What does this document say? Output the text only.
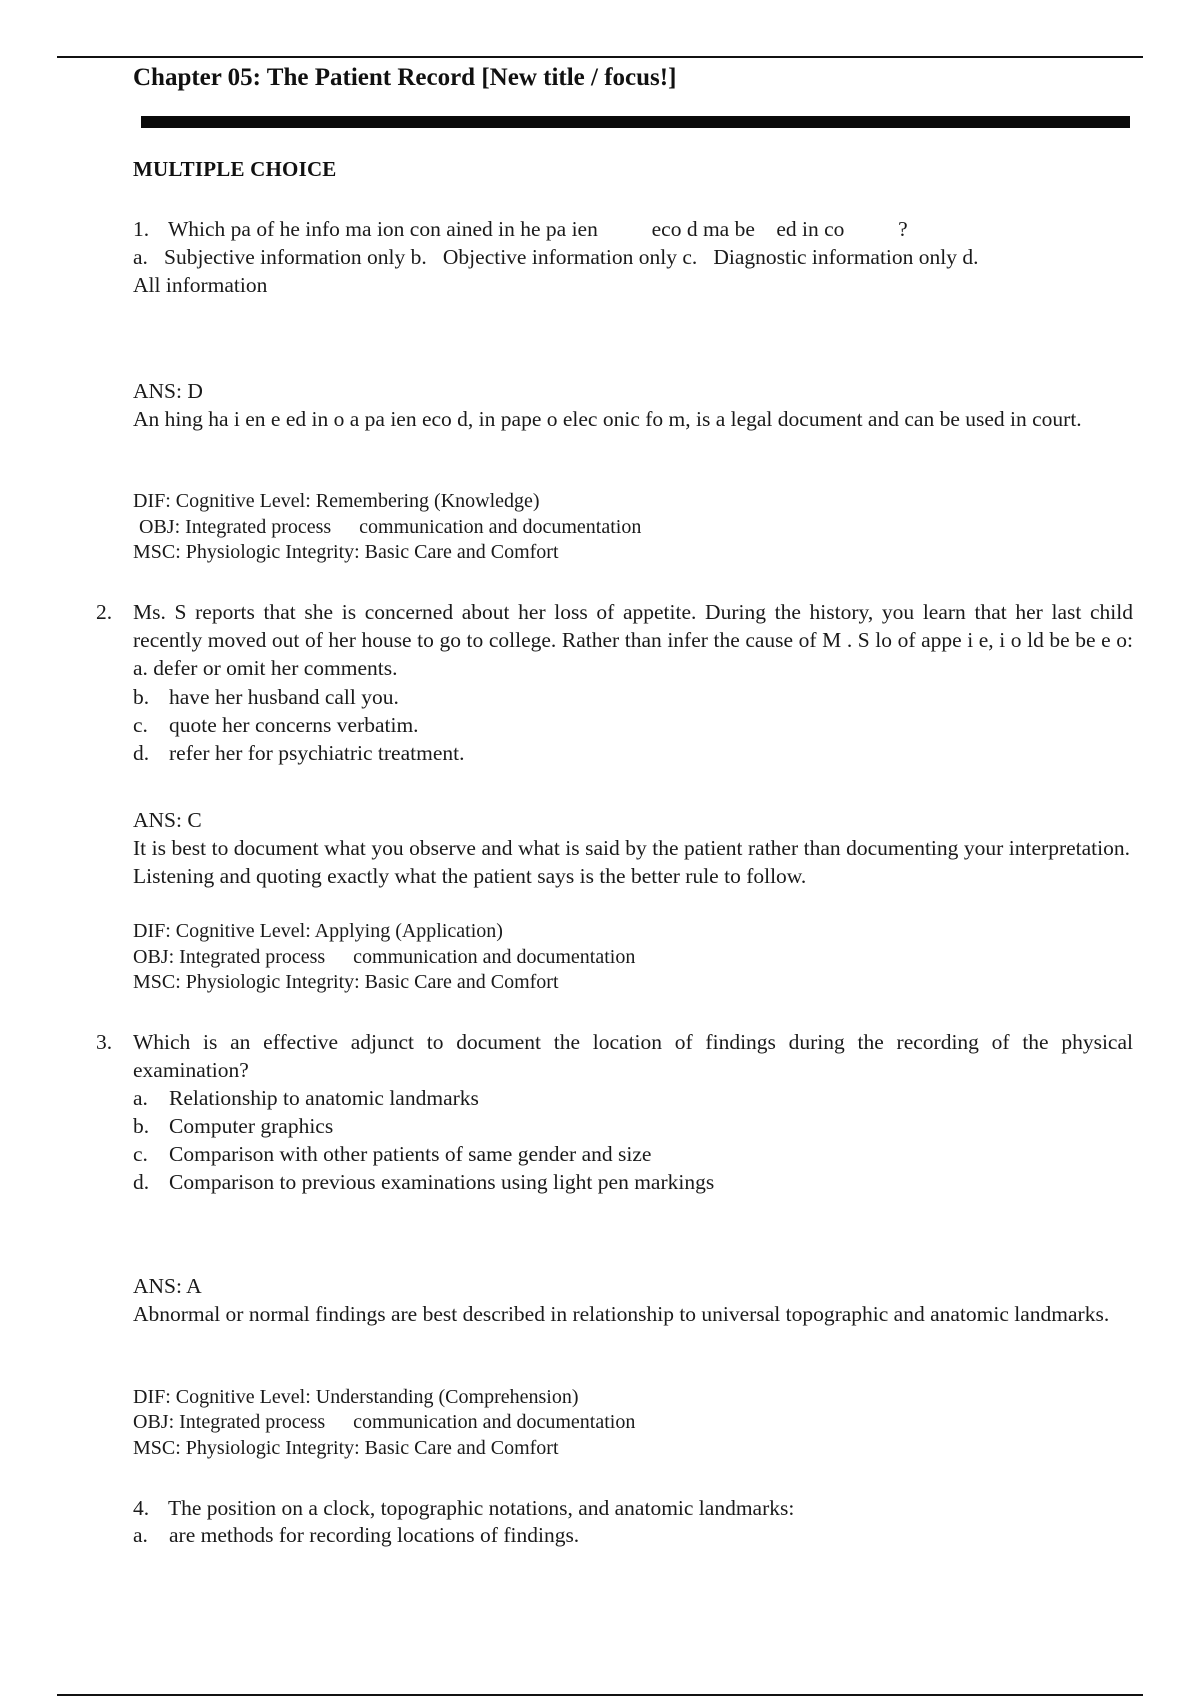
Chapter 05: The Patient Record [New title / focus!]
MULTIPLE CHOICE
1. Which pa of he info ma ion con ained in he pa ien          eco d ma be    ed in co          ?
a.   Subjective information only b.   Objective information only c.   Diagnostic information only d.
All information
ANS: D
An hing ha i en e ed in o a pa ien eco d, in pape o elec onic fo m, is a legal document and can be used in court.
DIF: Cognitive Level: Remembering (Knowledge)
OBJ: Integrated process communication and documentation
MSC: Physiologic Integrity: Basic Care and Comfort
2. Ms. S reports that she is concerned about her loss of appetite. During the history, you learn that her last child recently moved out of her house to go to college. Rather than infer the cause of M . S lo of appe i e, i o ld be be e o: a. defer or omit her comments.
b. have her husband call you.
c. quote her concerns verbatim.
d. refer her for psychiatric treatment.
ANS: C
It is best to document what you observe and what is said by the patient rather than documenting your interpretation. Listening and quoting exactly what the patient says is the better rule to follow.
DIF: Cognitive Level: Applying (Application)
OBJ: Integrated process communication and documentation
MSC: Physiologic Integrity: Basic Care and Comfort
3. Which is an effective adjunct to document the location of findings during the recording of the physical examination?
a. Relationship to anatomic landmarks
b. Computer graphics
c. Comparison with other patients of same gender and size
d. Comparison to previous examinations using light pen markings
ANS: A
Abnormal or normal findings are best described in relationship to universal topographic and anatomic landmarks.
DIF: Cognitive Level: Understanding (Comprehension)
OBJ: Integrated process communication and documentation
MSC: Physiologic Integrity: Basic Care and Comfort
4. The position on a clock, topographic notations, and anatomic landmarks:
a. are methods for recording locations of findings.
